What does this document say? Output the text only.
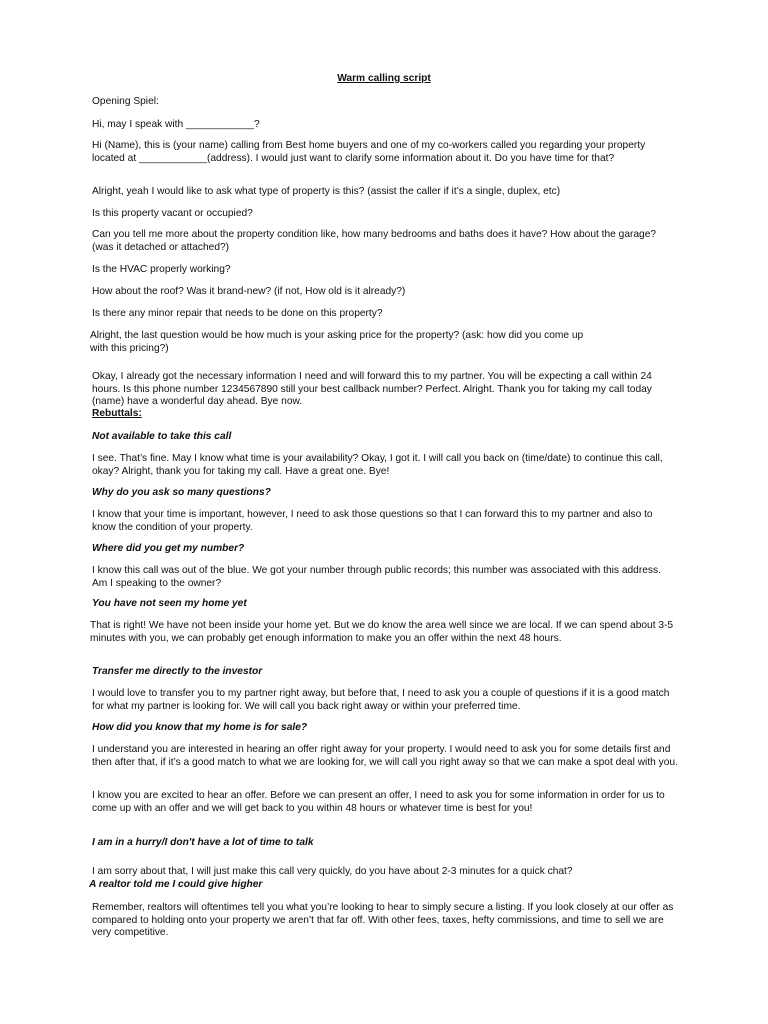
Warm calling script

Opening Spiel:

Hi, may I speak with ____________?

Hi (Name), this is (your name) calling from Best home buyers and one of my co-workers called you regarding your property located at ____________(address). I would just want to clarify some information about it. Do you have time for that?

Alright, yeah I would like to ask what type of property is this? (assist the caller if it’s a single, duplex, etc)

Is this property vacant or occupied?

Can you tell me more about the property condition like, how many bedrooms and baths does it have? How about the garage? (was it detached or attached?)

Is the HVAC properly working?

How about the roof? Was it brand-new? (if not, How old is it already?)

Is there any minor repair that needs to be done on this property?

Alright, the last question would be how much is your asking price for the property? (ask: how did you come up with this pricing?)

Okay, I already got the necessary information I need and will forward this to my partner. You will be expecting a call within 24 hours. Is this phone number 1234567890 still your best callback number? Perfect. Alright. Thank you for taking my call today (name) have a wonderful day ahead. Bye now.

Rebuttals:

Not available to take this call

I see. That’s fine. May I know what time is your availability? Okay, I got it. I will call you back on (time/date) to continue this call, okay? Alright, thank you for taking my call. Have a great one. Bye!

Why do you ask so many questions?

I know that your time is important, however, I need to ask those questions so that I can forward this to my partner and also to know the condition of your property.

Where did you get my number?

I know this call was out of the blue. We got your number through public records; this number was associated with this address. Am I speaking to the owner?

You have not seen my home yet

That is right! We have not been inside your home yet. But we do know the area well since we are local. If we can spend about 3-5 minutes with you, we can probably get enough information to make you an offer within the next 48 hours.

Transfer me directly to the investor

I would love to transfer you to my partner right away, but before that, I need to ask you a couple of questions if it is a good match for what my partner is looking for. We will call you back right away or within your preferred time.

How did you know that my home is for sale?

I understand you are interested in hearing an offer right away for your property. I would need to ask you for some details first and then after that, if it’s a good match to what we are looking for, we will call you right away so that we can make a spot deal with you.

I know you are excited to hear an offer. Before we can present an offer, I need to ask you for some information in order for us to come up with an offer and we will get back to you within 48 hours or whatever time is best for you!

I am in a hurry/I don't have a lot of time to talk

I am sorry about that, I will just make this call very quickly, do you have about 2-3 minutes for a quick chat?

A realtor told me I could give higher

Remember, realtors will oftentimes tell you what you’re looking to hear to simply secure a listing. If you look closely at our offer as compared to holding onto your property we aren’t that far off. With other fees, taxes, hefty commissions, and time to sell we are very competitive.
